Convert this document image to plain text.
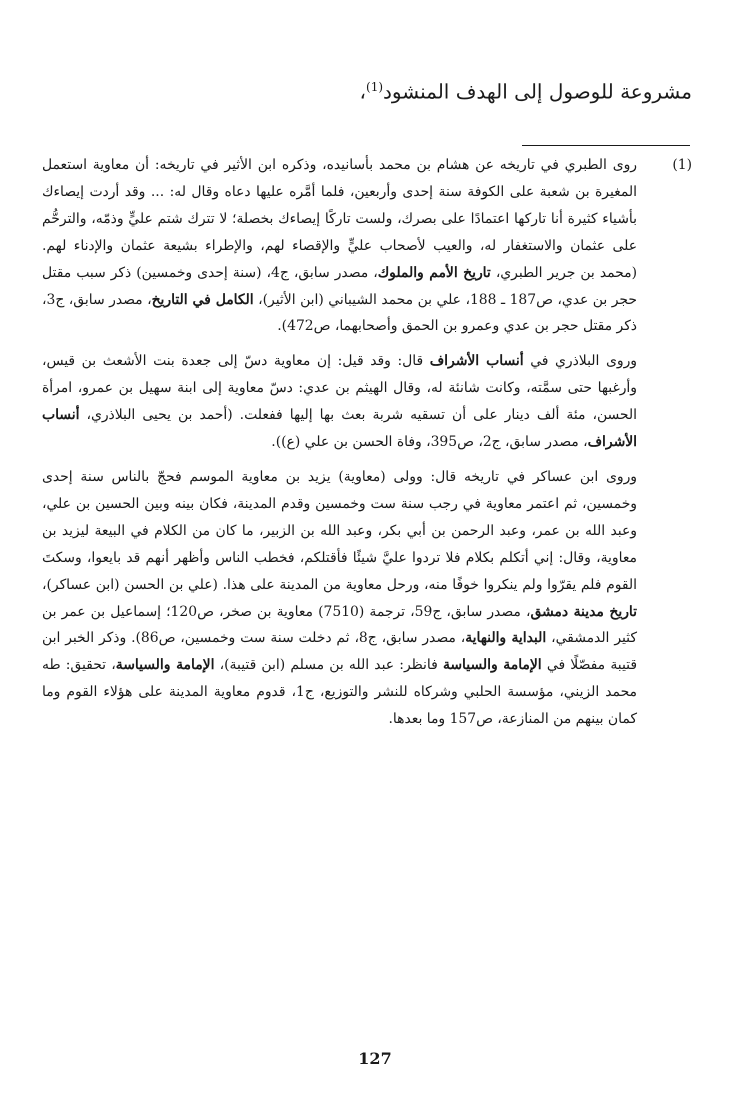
مشروعة للوصول إلى الهدف المنشود$^{(1)}$،
(1)

روى الطبري في تاريخه عن هشام بن محمد بأسانيده، وذكره ابن الأثير في تاريخه: أن معاوية استعمل المغيرة بن شعبة على الكوفة سنة إحدى وأربعين، فلما أمَّره عليها دعاه وقال له: ... وقد أردت إيصاءك بأشياء كثيرة أنا تاركها اعتمادًا على بصرك، ولست تاركًا إيصاءك بخصلة؛ لا تترك شتم عليٍّ وذمّه، والترحُّم على عثمان والاستغفار له، والعيب لأصحاب عليٍّ والإقصاء لهم، والإطراء بشيعة عثمان والإدناء لهم. (محمد بن جرير الطبري، تاريخ الأمم والملوك، مصدر سابق، ج4، (سنة إحدى وخمسين) ذكر سبب مقتل حجر بن عدي، ص187 ـ 188، علي بن محمد الشيباني (ابن الأثير)، الكامل في التاريخ، مصدر سابق، ج3، ذكر مقتل حجر بن عدي وعمرو بن الحمق وأصحابهما، ص472).

وروى البلاذري في أنساب الأشراف قال: وقد قيل: إن معاوية دسّ إلى جعدة بنت الأشعث بن قيس، وأرغبها حتى سمَّته، وكانت شانئة له، وقال الهيثم بن عدي: دسّ معاوية إلى ابنة سهيل بن عمرو، امرأة الحسن، مئة ألف دينار على أن تسقيه شربة بعث بها إليها ففعلت. (أحمد بن يحيى البلاذري، أنساب الأشراف، مصدر سابق، ج2، ص395، وفاة الحسن بن علي (ع)).

وروى ابن عساكر في تاريخه قال: وولى (معاوية) يزيد بن معاوية الموسم فحجّ بالناس سنة إحدى وخمسين، ثم اعتمر معاوية في رجب سنة ست وخمسين وقدم المدينة، فكان بينه وبين الحسين بن علي، وعبد الله بن عمر، وعبد الرحمن بن أبي بكر، وعبد الله بن الزبير، ما كان من الكلام في البيعة ليزيد بن معاوية، وقال: إني أتكلم بكلام فلا تردوا عليَّ شيئًا فأقتلكم، فخطب الناس وأظهر أنهم قد بايعوا، وسكتَ القوم فلم يقرّوا ولم ينكروا خوفًا منه، ورحل معاوية من المدينة على هذا. (علي بن الحسن (ابن عساكر)، تاريخ مدينة دمشق، مصدر سابق، ج59، ترجمة (7510) معاوية بن صخر، ص120؛ إسماعيل بن عمر بن كثير الدمشقي، البداية والنهاية، مصدر سابق، ج8، ثم دخلت سنة ست وخمسين، ص86). وذكر الخبر ابن قتيبة مفصّلًا في الإمامة والسياسة فانظر: عبد الله بن مسلم (ابن قتيبة)، الإمامة والسياسة، تحقيق: طه محمد الزيني، مؤسسة الحلبي وشركاه للنشر والتوزيع، ج1، قدوم معاوية المدينة على هؤلاء القوم وما كمان بينهم من المنازعة، ص157 وما بعدها.

127
